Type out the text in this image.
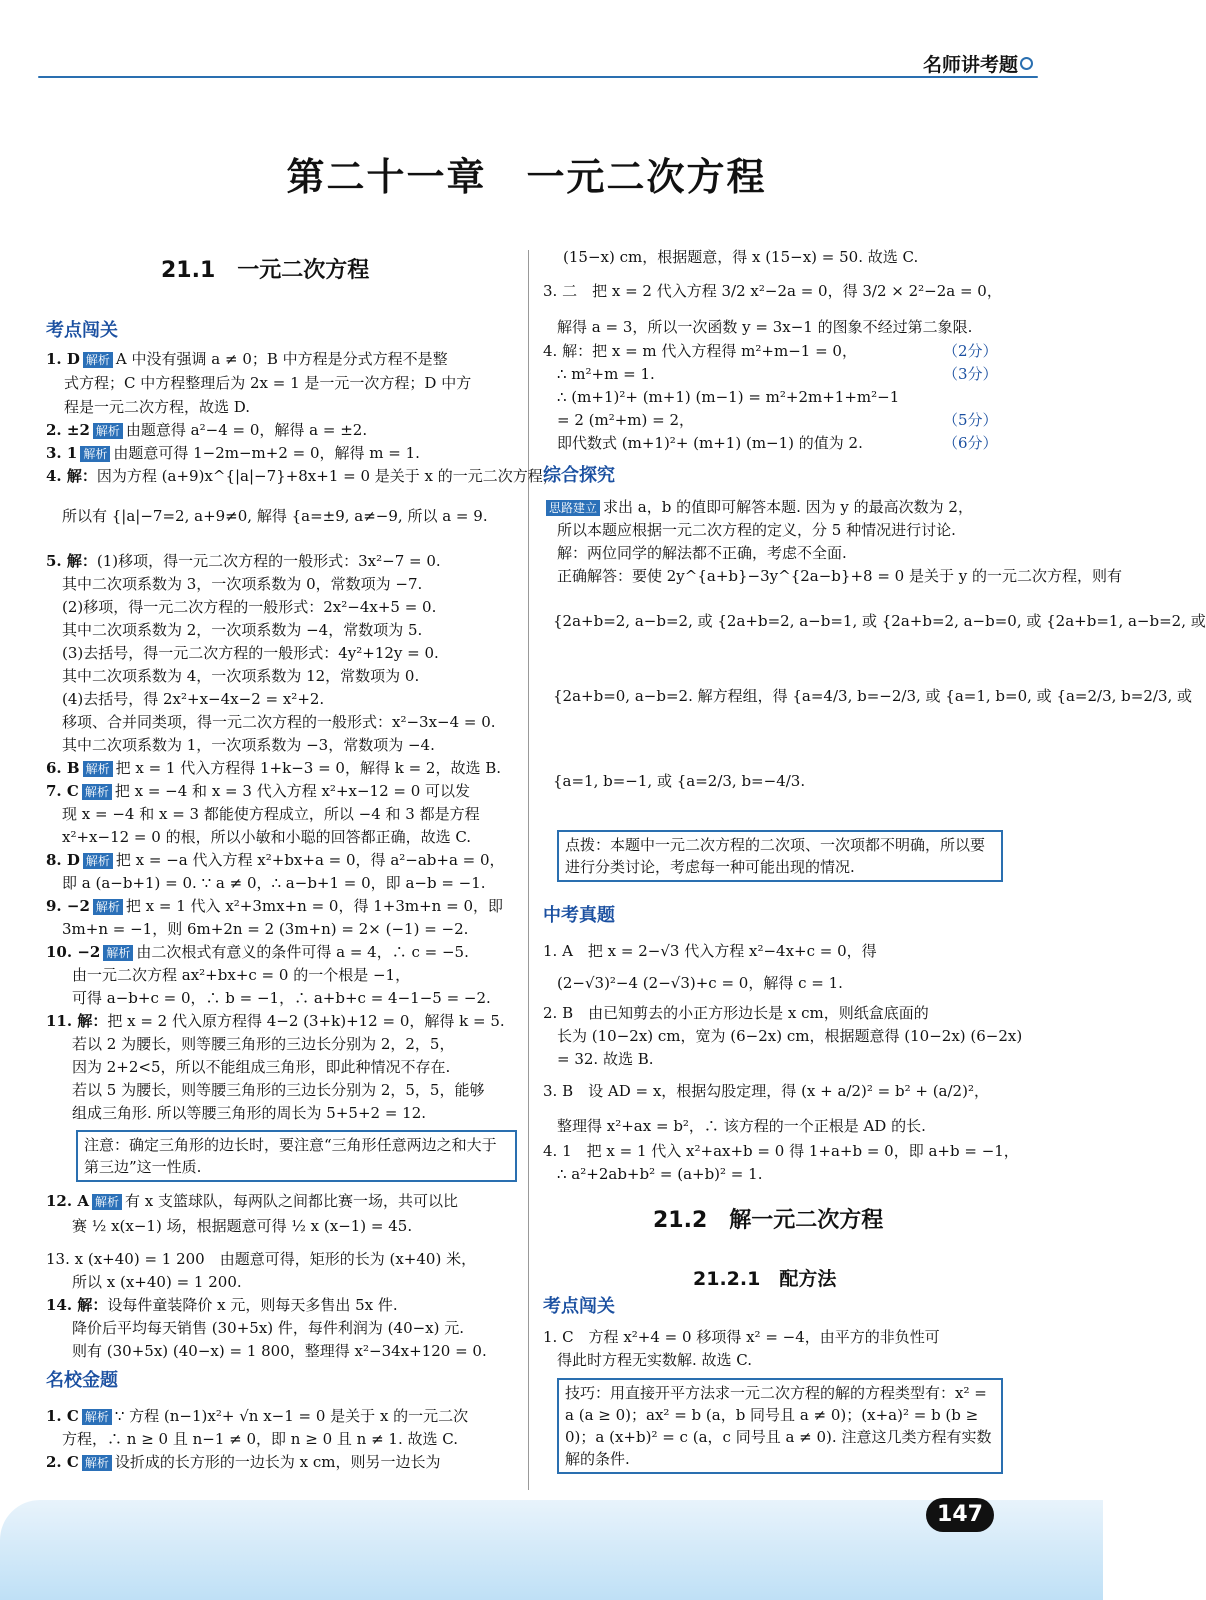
名师讲考题
第二十一章　一元二次方程
21.1　一元二次方程
考点闯关
1. D 解析 A 中没有强调 a ≠ 0；B 中方程是分式方程不是整
式方程；C 中方程整理后为 2x = 1 是一元一次方程；D 中方
程是一元二次方程，故选 D.
2. ±2 解析 由题意得 a²−4 = 0，解得 a = ±2.
3. 1 解析 由题意可得 1−2m−m+2 = 0，解得 m = 1.
4. 解：因为方程 (a+9)x^{|a|−7}+8x+1 = 0 是关于 x 的一元二次方程，
所以有 {|a|−7=2, a+9≠0, 解得 {a=±9, a≠−9, 所以 a = 9.
5. 解：(1)移项，得一元二次方程的一般形式：3x²−7 = 0.
其中二次项系数为 3，一次项系数为 0，常数项为 −7.
(2)移项，得一元二次方程的一般形式：2x²−4x+5 = 0.
其中二次项系数为 2，一次项系数为 −4，常数项为 5.
(3)去括号，得一元二次方程的一般形式：4y²+12y = 0.
其中二次项系数为 4，一次项系数为 12，常数项为 0.
(4)去括号，得 2x²+x−4x−2 = x²+2.
移项、合并同类项，得一元二次方程的一般形式：x²−3x−4 = 0.
其中二次项系数为 1，一次项系数为 −3，常数项为 −4.
6. B 解析 把 x = 1 代入方程得 1+k−3 = 0，解得 k = 2，故选 B.
7. C 解析 把 x = −4 和 x = 3 代入方程 x²+x−12 = 0 可以发
现 x = −4 和 x = 3 都能使方程成立，所以 −4 和 3 都是方程
x²+x−12 = 0 的根，所以小敏和小聪的回答都正确，故选 C.
8. D 解析 把 x = −a 代入方程 x²+bx+a = 0，得 a²−ab+a = 0，
即 a (a−b+1) = 0. ∵ a ≠ 0，∴ a−b+1 = 0，即 a−b = −1.
9. −2 解析 把 x = 1 代入 x²+3mx+n = 0，得 1+3m+n = 0，即
3m+n = −1，则 6m+2n = 2 (3m+n) = 2× (−1) = −2.
10. −2 解析 由二次根式有意义的条件可得 a = 4，∴ c = −5.
由一元二次方程 ax²+bx+c = 0 的一个根是 −1，
可得 a−b+c = 0，∴ b = −1，∴ a+b+c = 4−1−5 = −2.
11. 解：把 x = 2 代入原方程得 4−2 (3+k)+12 = 0，解得 k = 5.
若以 2 为腰长，则等腰三角形的三边长分别为 2，2，5，
因为 2+2<5，所以不能组成三角形，即此种情况不存在.
若以 5 为腰长，则等腰三角形的三边长分别为 2，5，5，能够
组成三角形. 所以等腰三角形的周长为 5+5+2 = 12.
注意：确定三角形的边长时，要注意“三角形任意两边之和大于第三边”这一性质.
12. A 解析 有 x 支篮球队，每两队之间都比赛一场，共可以比
赛 ½ x(x−1) 场，根据题意可得 ½ x (x−1) = 45.
13. x (x+40) = 1 200　由题意可得，矩形的长为 (x+40) 米，
所以 x (x+40) = 1 200.
14. 解：设每件童装降价 x 元，则每天多售出 5x 件.
降价后平均每天销售 (30+5x) 件，每件利润为 (40−x) 元.
则有 (30+5x) (40−x) = 1 800，整理得 x²−34x+120 = 0.
名校金题
1. C 解析 ∵ 方程 (n−1)x²+ √n x−1 = 0 是关于 x 的一元二次
方程，∴ n ≥ 0 且 n−1 ≠ 0，即 n ≥ 0 且 n ≠ 1. 故选 C.
2. C 解析 设折成的长方形的一边长为 x cm，则另一边长为
(15−x) cm，根据题意，得 x (15−x) = 50. 故选 C.
3. 二　把 x = 2 代入方程 3/2 x²−2a = 0，得 3/2 × 2²−2a = 0，
解得 a = 3，所以一次函数 y = 3x−1 的图象不经过第二象限.
4. 解：把 x = m 代入方程得 m²+m−1 = 0，
∴ m²+m = 1.
∴ (m+1)²+ (m+1) (m−1) = m²+2m+1+m²−1
= 2 (m²+m) = 2，
即代数式 (m+1)²+ (m+1) (m−1) 的值为 2.
（2分）
（3分）
（5分）
（6分）
综合探究
思路建立 求出 a，b 的值即可解答本题. 因为 y 的最高次数为 2，
所以本题应根据一元二次方程的定义，分 5 种情况进行讨论.
解：两位同学的解法都不正确，考虑不全面.
正确解答：要使 2y^{a+b}−3y^{2a−b}+8 = 0 是关于 y 的一元二次方程，则有
{2a+b=2, a−b=2, 或 {2a+b=2, a−b=1, 或 {2a+b=2, a−b=0, 或 {2a+b=1, a−b=2, 或
{2a+b=0, a−b=2. 解方程组，得 {a=4/3, b=−2/3, 或 {a=1, b=0, 或 {a=2/3, b=2/3, 或
{a=1, b=−1, 或 {a=2/3, b=−4/3.
点拨：本题中一元二次方程的二次项、一次项都不明确，所以要进行分类讨论，考虑每一种可能出现的情况.
中考真题
1. A　把 x = 2−√3 代入方程 x²−4x+c = 0，得
(2−√3)²−4 (2−√3)+c = 0，解得 c = 1.
2. B　由已知剪去的小正方形边长是 x cm，则纸盒底面的
长为 (10−2x) cm，宽为 (6−2x) cm，根据题意得 (10−2x) (6−2x)
= 32. 故选 B.
3. B　设 AD = x，根据勾股定理，得 (x + a/2)² = b² + (a/2)²，
整理得 x²+ax = b²，∴ 该方程的一个正根是 AD 的长.
4. 1　把 x = 1 代入 x²+ax+b = 0 得 1+a+b = 0，即 a+b = −1，
∴ a²+2ab+b² = (a+b)² = 1.
21.2　解一元二次方程
21.2.1　配方法
考点闯关
1. C　方程 x²+4 = 0 移项得 x² = −4，由平方的非负性可
得此时方程无实数解. 故选 C.
技巧：用直接开平方法求一元二次方程的解的方程类型有：x² = a (a ≥ 0)；ax² = b (a，b 同号且 a ≠ 0)；(x+a)² = b (b ≥ 0)；a (x+b)² = c (a，c 同号且 a ≠ 0). 注意这几类方程有实数解的条件.
147
